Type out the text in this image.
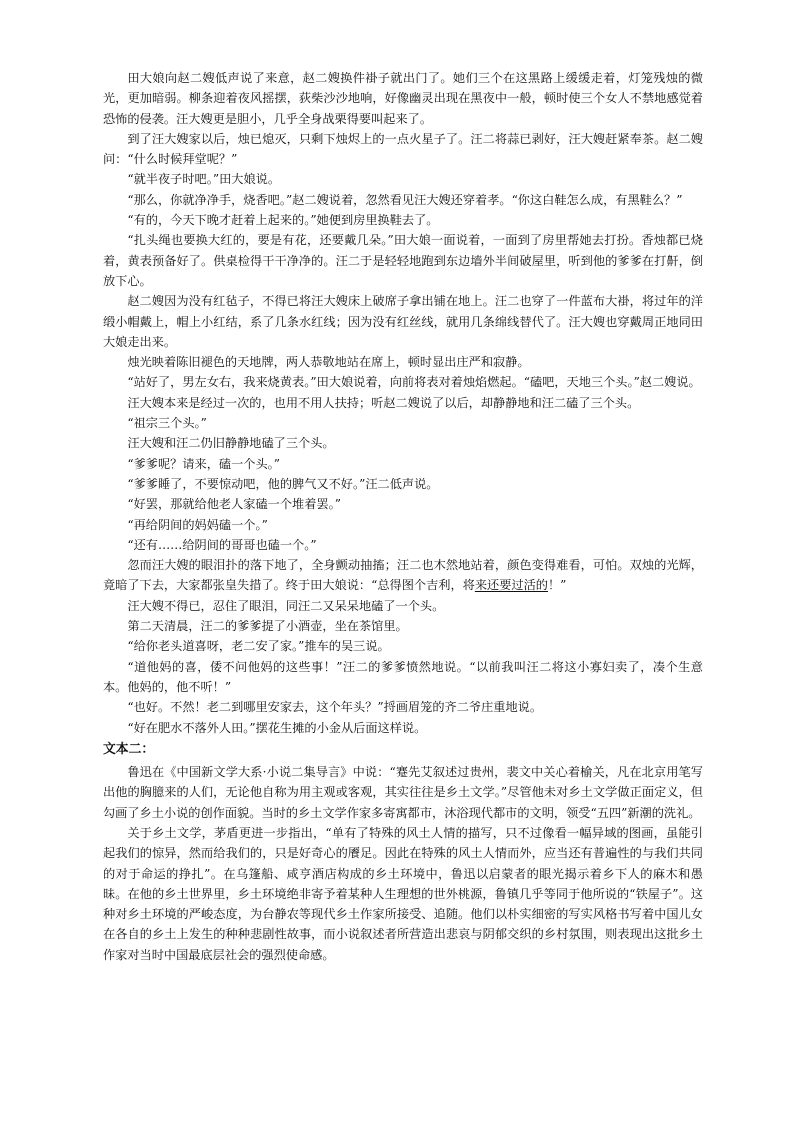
田大娘向赵二嫂低声说了来意，赵二嫂换件褂子就出门了。她们三个在这黑路上缓缓走着，灯笼残烛的微光，更加暗弱。柳条迎着夜风摇摆，荻柴沙沙地响，好像幽灵出现在黑夜中一般，顿时使三个女人不禁地感觉着恐怖的侵袭。汪大嫂更是胆小，几乎全身战栗得要叫起来了。

到了汪大嫂家以后，烛已熄灭，只剩下烛烬上的一点火星子了。汪二将蒜已剥好，汪大嫂赶紧奉茶。赵二嫂问：“什么时候拜堂呢？”

“就半夜子时吧。”田大娘说。

“那么，你就净净手，烧香吧。”赵二嫂说着，忽然看见汪大嫂还穿着孝。“你这白鞋怎么成，有黑鞋么？”

“有的，今天下晚才赶着上起来的。”她便到房里换鞋去了。

“扎头绳也要换大红的，要是有花，还要戴几朵。”田大娘一面说着，一面到了房里帮她去打扮。香烛都已烧着，黄表预备好了。供桌检得干干净净的。汪二于是轻轻地跑到东边墙外半间破屋里，听到他的爹爹在打鼾，倒放下心。

赵二嫂因为没有红毡子，不得已将汪大嫂床上破席子拿出铺在地上。汪二也穿了一件蓝布大褂，将过年的洋缎小帽戴上，帽上小红结，系了几条水红线；因为没有红丝线，就用几条绵线替代了。汪大嫂也穿戴周正地同田大娘走出来。

烛光映着陈旧褪色的天地牌，两人恭敬地站在席上，顿时显出庄严和寂静。

“站好了，男左女右，我来烧黄表。”田大娘说着，向前将表对着烛焰燃起。“磕吧，天地三个头。”赵二嫂说。

汪大嫂本来是经过一次的，也用不用人扶持；听赵二嫂说了以后，却静静地和汪二磕了三个头。

“祖宗三个头。”

汪大嫂和汪二仍旧静静地磕了三个头。

“爹爹呢？请来，磕一个头。”

“爹爹睡了，不要惊动吧，他的脾气又不好。”汪二低声说。

“好罢，那就给他老人家磕一个堆着罢。”

“再给阴间的妈妈磕一个。”

“还有……给阴间的哥哥也磕一个。”

忽而汪大嫂的眼泪扑的落下地了，全身颤动抽搐；汪二也木然地站着，颜色变得难看，可怕。双烛的光辉，竟暗了下去，大家都张皇失措了。终于田大娘说：“总得图个吉利，将来还要过活的！”

汪大嫂不得已，忍住了眼泪，同汪二又呆呆地磕了一个头。

第二天清晨，汪二的爹爹提了小酒壶，坐在茶馆里。

“给你老头道喜呀，老二安了家。”推车的吴三说。

“道他妈的喜，倭不问他妈的这些事！”汪二的爹爹愤然地说。“以前我叫汪二将这小寡妇卖了，凑个生意本。他妈的，他不听！”

“也好。不然！老二到哪里安家去，这个年头？”捋画眉笼的齐二爷庄重地说。

“好在肥水不落外人田。”摆花生摊的小金从后面这样说。

文本二：

鲁迅在《中国新文学大系·小说二集导言》中说：“蹇先艾叙述过贵州，裴文中关心着榆关，凡在北京用笔写出他的胸臆来的人们，无论他自称为用主观或客观，其实往往是乡土文学。”尽管他未对乡土文学做正面定义，但勾画了乡土小说的创作面貌。当时的乡土文学作家多寄寓都市，沐浴现代都市的文明，领受“五四”新潮的洗礼。

关于乡土文学，茅盾更进一步指出，“单有了特殊的风土人情的描写，只不过像看一幅异域的图画，虽能引起我们的惊异，然而给我们的，只是好奇心的餍足。因此在特殊的风土人情而外，应当还有普遍性的与我们共同的对于命运的挣扎”。在乌篷船、咸亨酒店构成的乡土环境中，鲁迅以启蒙者的眼光揭示着乡下人的麻木和愚昧。在他的乡土世界里，乡土环境绝非寄予着某种人生理想的世外桃源，鲁镇几乎等同于他所说的“铁屋子”。这种对乡土环境的严峻态度，为台静农等现代乡土作家所接受、追随。他们以朴实细密的写实风格书写着中国儿女在各自的乡土上发生的种种悲剧性故事，而小说叙述者所营造出悲哀与阴郁交织的乡村氛围，则表现出这批乡土作家对当时中国最底层社会的强烈使命感。
